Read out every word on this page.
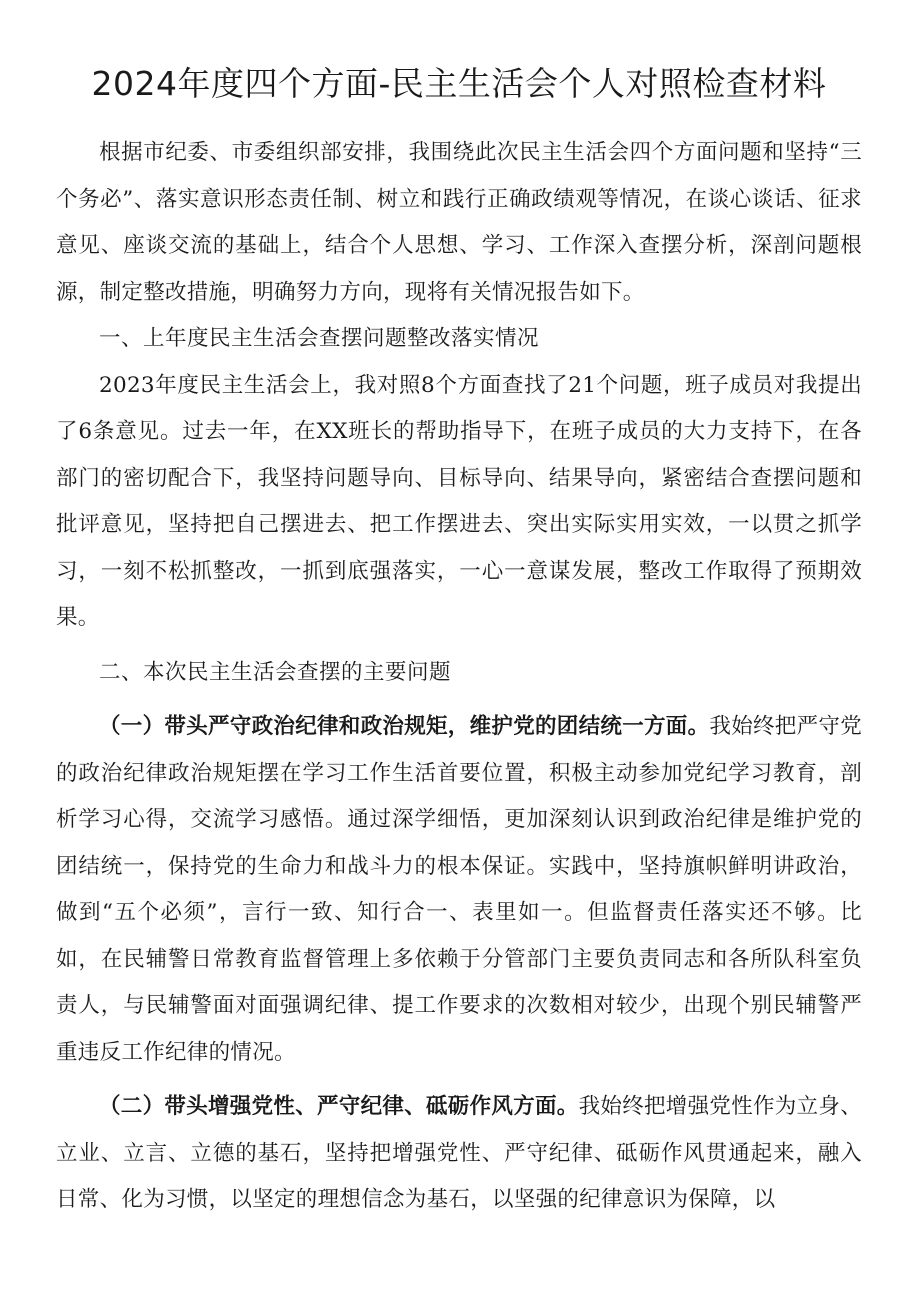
2024年度四个方面-民主生活会个人对照检查材料

根据市纪委、市委组织部安排，我围绕此次民主生活会四个方面问题和坚持“三个务必”、落实意识形态责任制、树立和践行正确政绩观等情况，在谈心谈话、征求意见、座谈交流的基础上，结合个人思想、学习、工作深入查摆分析，深剖问题根源，制定整改措施，明确努力方向，现将有关情况报告如下。

一、上年度民主生活会查摆问题整改落实情况

2023年度民主生活会上，我对照8个方面查找了21个问题，班子成员对我提出了6条意见。过去一年，在XX班长的帮助指导下，在班子成员的大力支持下，在各部门的密切配合下，我坚持问题导向、目标导向、结果导向，紧密结合查摆问题和批评意见，坚持把自己摆进去、把工作摆进去、突出实际实用实效，一以贯之抓学习，一刻不松抓整改，一抓到底强落实，一心一意谋发展，整改工作取得了预期效果。

二、本次民主生活会查摆的主要问题

（一）带头严守政治纪律和政治规矩，维护党的团结统一方面。我始终把严守党的政治纪律政治规矩摆在学习工作生活首要位置，积极主动参加党纪学习教育，剖析学习心得，交流学习感悟。通过深学细悟，更加深刻认识到政治纪律是维护党的团结统一，保持党的生命力和战斗力的根本保证。实践中，坚持旗帜鲜明讲政治，做到“五个必须”，言行一致、知行合一、表里如一。但监督责任落实还不够。比如，在民辅警日常教育监督管理上多依赖于分管部门主要负责同志和各所队科室负责人，与民辅警面对面强调纪律、提工作要求的次数相对较少，出现个别民辅警严重违反工作纪律的情况。

（二）带头增强党性、严守纪律、砥砺作风方面。我始终把增强党性作为立身、立业、立言、立德的基石，坚持把增强党性、严守纪律、砥砺作风贯通起来，融入日常、化为习惯，以坚定的理想信念为基石，以坚强的纪律意识为保障，以
